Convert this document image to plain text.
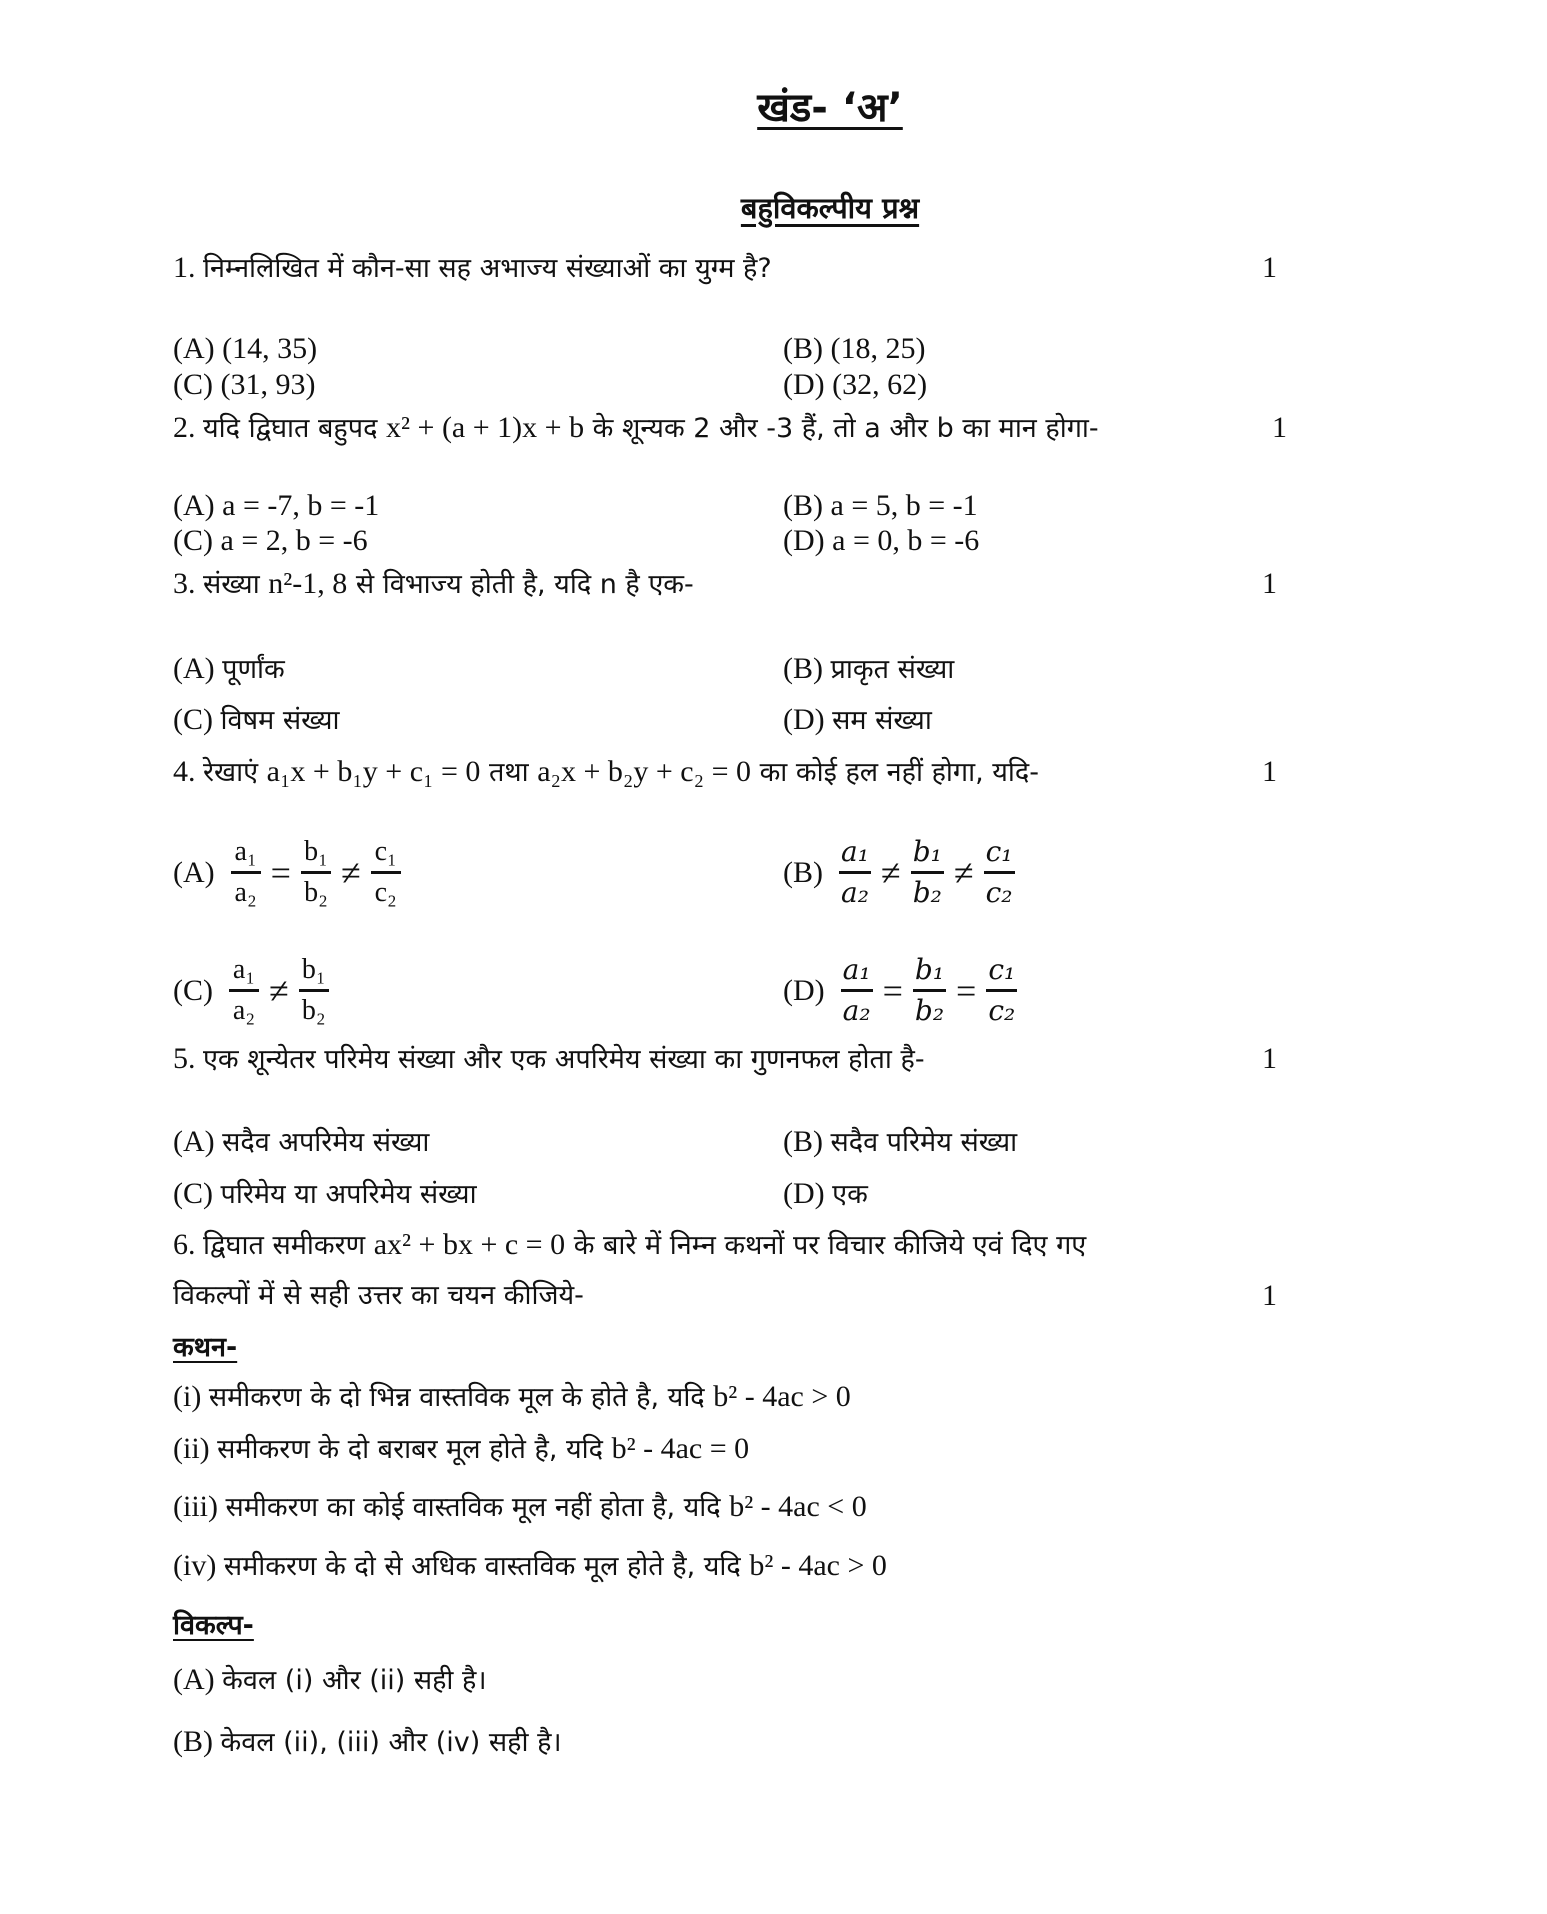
खंड- ‘अ’
बहुविकल्पीय प्रश्न
1. निम्नलिखित में कौन-सा सह अभाज्य संख्याओं का युग्म है?	1
(A) (14, 35)	(B) (18, 25)
(C) (31, 93)	(D) (32, 62)
2. यदि द्विघात बहुपद x² + (a + 1)x + b के शून्यक 2 और -3 हैं, तो a और b का मान होगा-	1
(A) a = -7, b = -1	(B) a = 5, b = -1
(C) a = 2, b = -6	(D) a = 0, b = -6
3. संख्या n²-1, 8 से विभाज्य होती है, यदि n है एक-	1
(A) पूर्णांक	(B) प्राकृत संख्या
(C) विषम संख्या	(D) सम संख्या
4. रेखाएं a₁x + b₁y + c₁ = 0 तथा a₂x + b₂y + c₂ = 0 का कोई हल नहीं होगा, यदि-	1
$(A) \frac{\text{a₁}}{\text{a₂}} = \frac{\text{b₁}}{\text{b₂}} \ne \frac{\text{c₁}}{\text{c₂}}$	$(B) \frac{\text{a₁}}{\text{a₂}} \ne \frac{\text{b₁}}{\text{b₂}} \ne \frac{\text{c₁}}{\text{c₂}}$
$(C) \frac{\text{a₁}}{\text{a₂}} \ne \frac{\text{b₁}}{\text{b₂}}$	$(D) \frac{\text{a₁}}{\text{a₂}} = \frac{\text{b₁}}{\text{b₂}} = \frac{\text{c₁}}{\text{c₂}}$
5. एक शून्येतर परिमेय संख्या और एक अपरिमेय संख्या का गुणनफल होता है-	1
(A) सदैव अपरिमेय संख्या	(B) सदैव परिमेय संख्या
(C) परिमेय या अपरिमेय संख्या	(D) एक
6. द्विघात समीकरण ax² + bx + c = 0 के बारे में निम्न कथनों पर विचार कीजिये एवं दिए गए
विकल्पों में से सही उत्तर का चयन कीजिये-	1
कथन-
(i) समीकरण के दो भिन्न वास्तविक मूल के होते है, यदि b² - 4ac > 0
(ii) समीकरण के दो बराबर मूल होते है, यदि b² - 4ac = 0
(iii) समीकरण का कोई वास्तविक मूल नहीं होता है, यदि b² - 4ac < 0
(iv) समीकरण के दो से अधिक वास्तविक मूल होते है, यदि b² - 4ac > 0
विकल्प-
(A) केवल (i) और (ii) सही है।
(B) केवल (ii), (iii) और (iv) सही है।
